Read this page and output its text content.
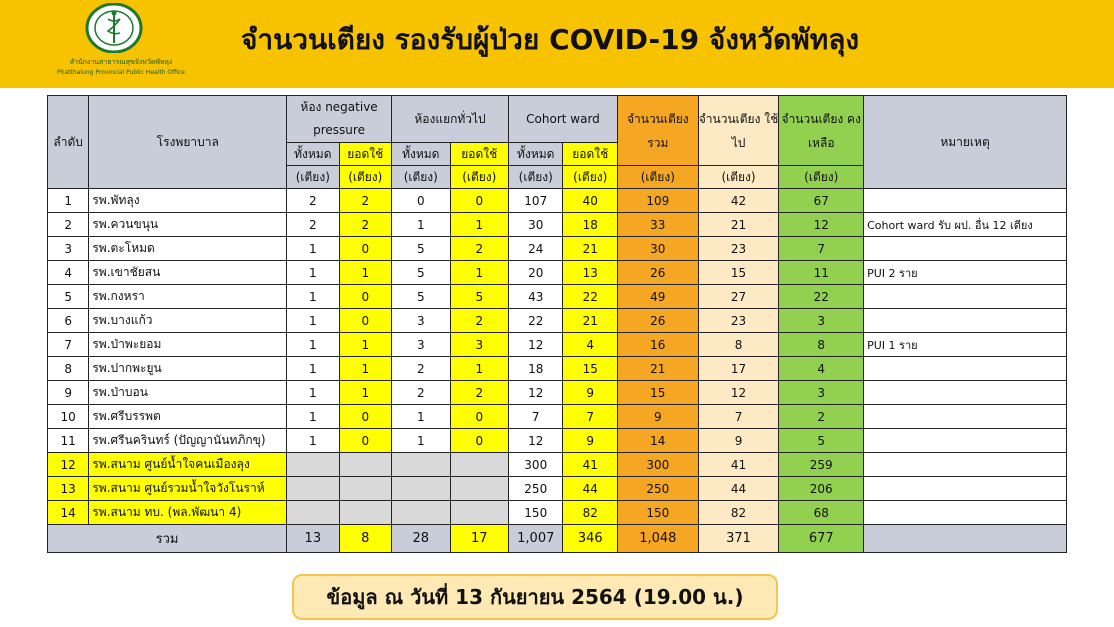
สำนักงานสาธารณสุขจังหวัดพัทลุง
Phatthalung Provincial Public Health Office
จำนวนเตียง รองรับผู้ป่วย COVID-19 จังหวัดพัทลุง
ลำดับ	โรงพยาบาล	ห้อง negative pressure		ห้องแยกทั่วไป		Cohort ward		จำนวนเตียง รวม	จำนวนเตียง ใช้ไป	จำนวนเตียง คงเหลือ	หมายเหตุ
		ทั้งหมด	ยอดใช้	ทั้งหมด	ยอดใช้	ทั้งหมด	ยอดใช้				
		(เตียง)	(เตียง)	(เตียง)	(เตียง)	(เตียง)	(เตียง)	(เตียง)	(เตียง)	(เตียง)	
1	รพ.พัทลุง	2	2	0	0	107	40	109	42	67	
2	รพ.ควนขนุน	2	2	1	1	30	18	33	21	12	Cohort ward รับ ผป. อื่น 12 เตียง
3	รพ.ตะโหมด	1	0	5	2	24	21	30	23	7	
4	รพ.เขาชัยสน	1	1	5	1	20	13	26	15	11	PUI 2 ราย
5	รพ.กงหรา	1	0	5	5	43	22	49	27	22	
6	รพ.บางแก้ว	1	0	3	2	22	21	26	23	3	
7	รพ.ป่าพะยอม	1	1	3	3	12	4	16	8	8	PUI 1 ราย
8	รพ.ปากพะยูน	1	1	2	1	18	15	21	17	4	
9	รพ.ป่าบอน	1	1	2	2	12	9	15	12	3	
10	รพ.ศรีบรรพต	1	0	1	0	7	7	9	7	2	
11	รพ.ศรีนครินทร์ (ปัญญานันทภิกขุ)	1	0	1	0	12	9	14	9	5	
12	รพ.สนาม ศูนย์น้ำใจคนเมืองลุง					300	41	300	41	259	
13	รพ.สนาม ศูนย์รวมน้ำใจวังโนราห์					250	44	250	44	206	
14	รพ.สนาม ทบ. (พล.พัฒนา 4)					150	82	150	82	68	
รวม		13	8	28	17	1,007	346	1,048	371	677	
ข้อมูล ณ วันที่ 13 กันยายน 2564 (19.00 น.)
